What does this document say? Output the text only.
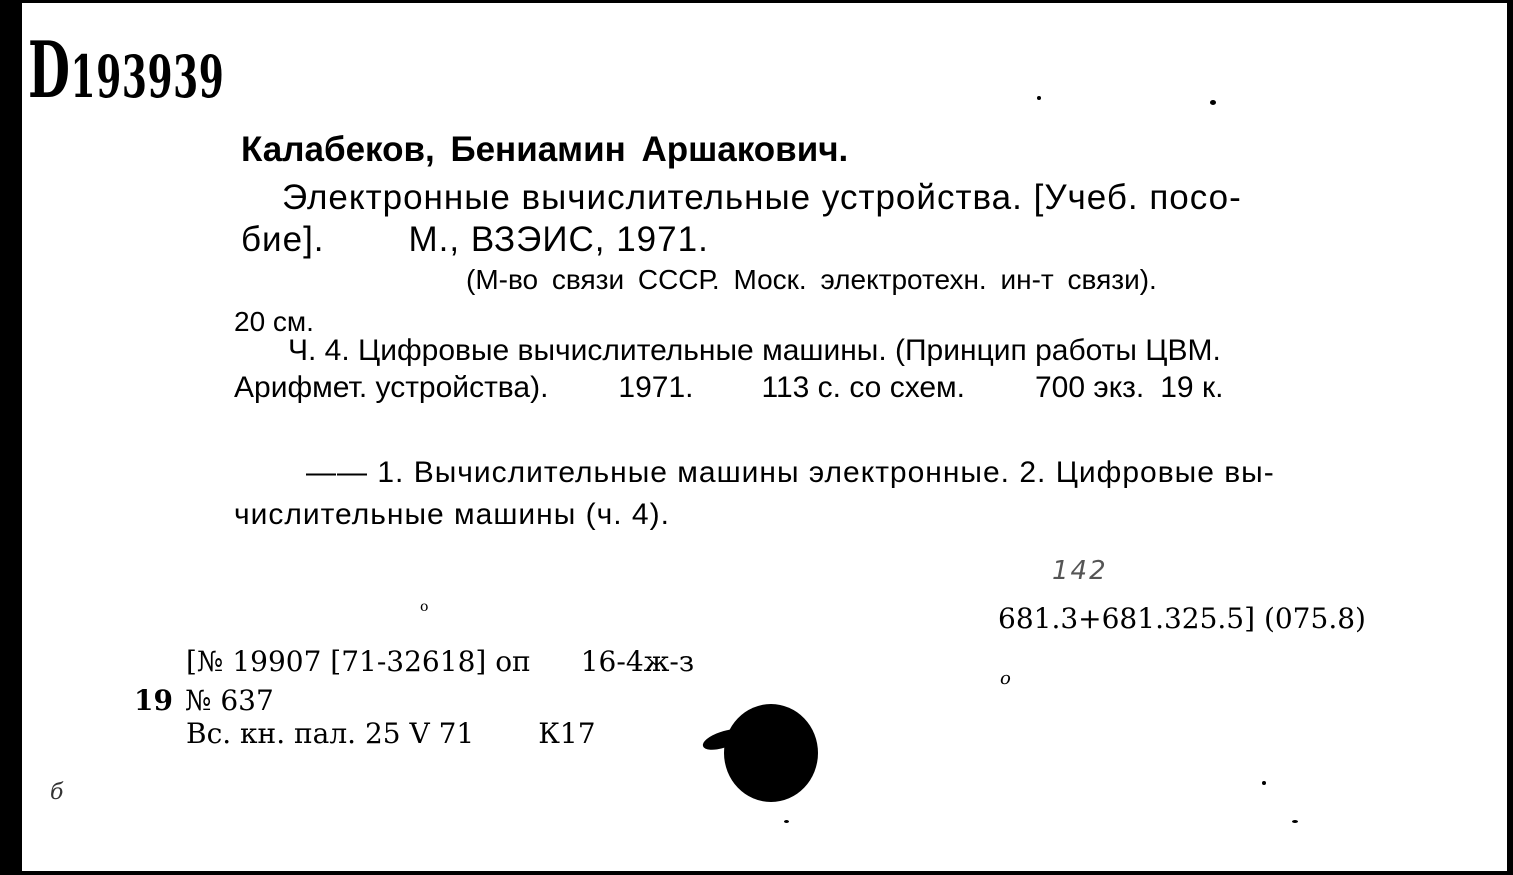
D193939
Калабеков, Бениамин Аршакович.
Электронные вычислительные устройства. [Учеб. посо-
бие]. М., ВЗЭИС, 1971.
(М-во связи СССР. Моск. электротехн. ин-т связи).
20 см.
Ч. 4. Цифровые вычислительные машины. (Принцип работы ЦВМ.
Арифмет. устройства). 1971. 113 с. со схем. 700 экз. 19 к.
—— 1. Вычислительные машины электронные. 2. Цифровые вы-
числительные машины (ч. 4).
142
681.3+681.325.5] (075.8)
[№ 19907 [71-32618] оп 16-4ж-з
19 № 637
Вс. кн. пал. 25 V 71 К17
о
о
б
